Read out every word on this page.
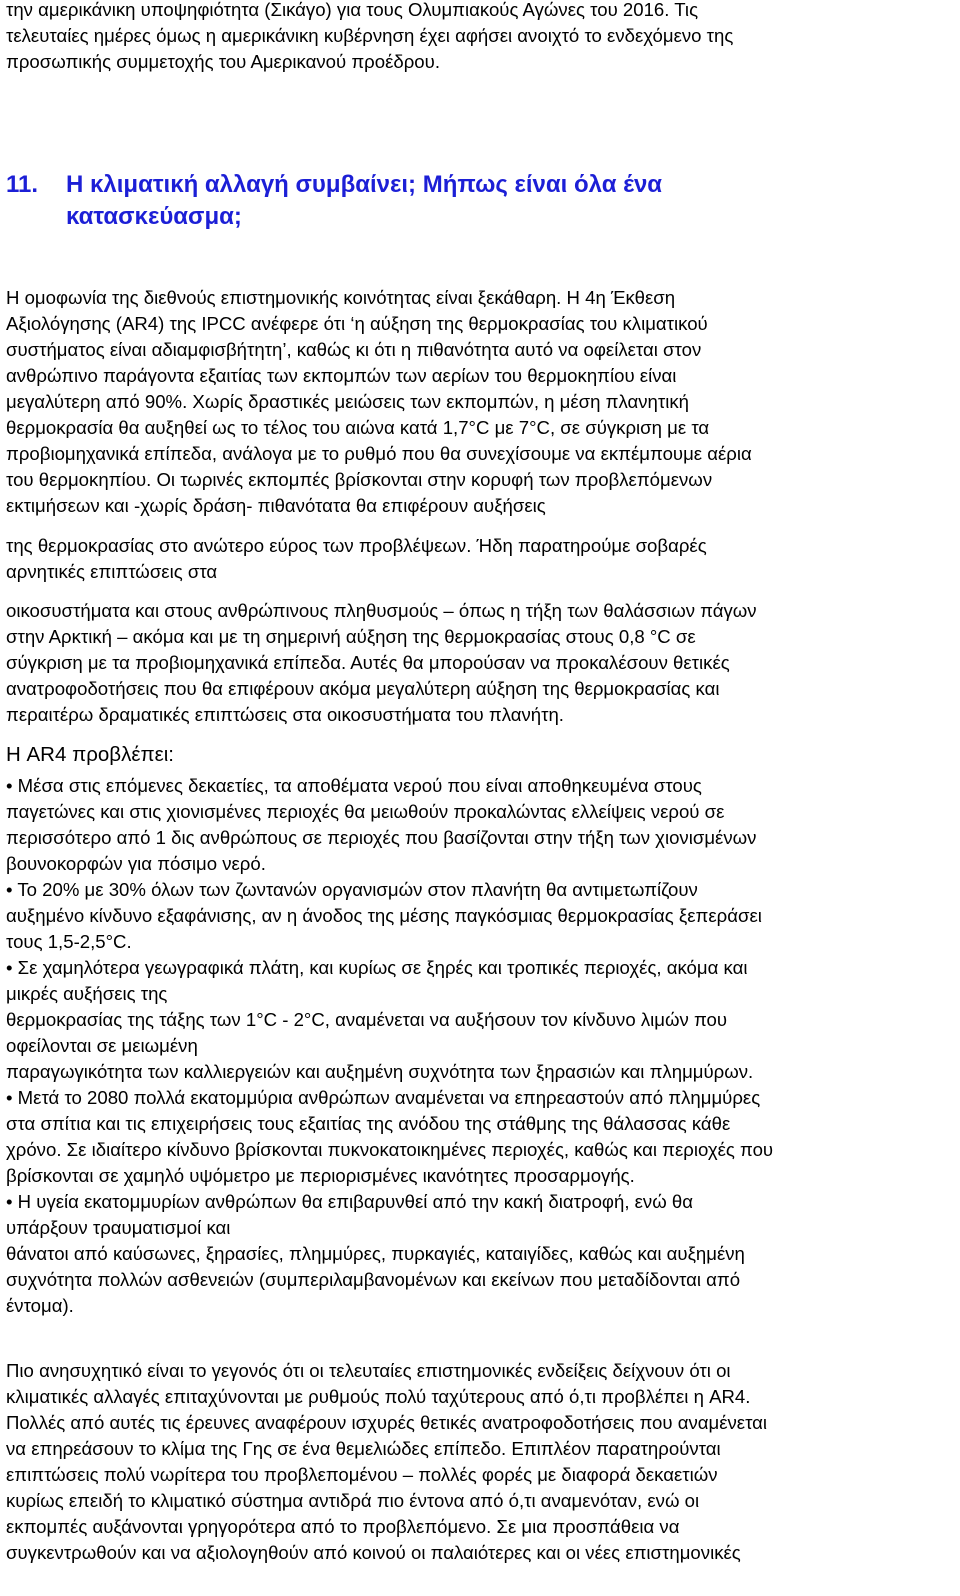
την αμερικάνικη υποψηφιότητα (Σικάγο) για τους Ολυμπιακούς Αγώνες του 2016. Τις
τελευταίες ημέρες όμως η αμερικάνικη κυβέρνηση έχει αφήσει ανοιχτό το ενδεχόμενο της
προσωπικής συμμετοχής του Αμερικανού προέδρου.
11. Η κλιματική αλλαγή συμβαίνει; Μήπως είναι όλα ένα
κατασκεύασμα;
Η ομοφωνία της διεθνούς επιστημονικής κοινότητας είναι ξεκάθαρη. Η 4η Έκθεση
Αξιολόγησης (AR4) της IPCC ανέφερε ότι ‘η αύξηση της θερμοκρασίας του κλιματικού
συστήματος είναι αδιαμφισβήτητη’, καθώς κι ότι η πιθανότητα αυτό να οφείλεται στον
ανθρώπινο παράγοντα εξαιτίας των εκπομπών των αερίων του θερμοκηπίου είναι
μεγαλύτερη από 90%. Χωρίς δραστικές μειώσεις των εκπομπών, η μέση πλανητική
θερμοκρασία θα αυξηθεί ως το τέλος του αιώνα κατά 1,7°C με 7°C, σε σύγκριση με τα
προβιομηχανικά επίπεδα, ανάλογα με το ρυθμό που θα συνεχίσουμε να εκπέμπουμε αέρια
του θερμοκηπίου. Οι τωρινές εκπομπές βρίσκονται στην κορυφή των προβλεπόμενων
εκτιμήσεων και -χωρίς δράση- πιθανότατα θα επιφέρουν αυξήσεις
της θερμοκρασίας στο ανώτερο εύρος των προβλέψεων. Ήδη παρατηρούμε σοβαρές
αρνητικές επιπτώσεις στα
οικοσυστήματα και στους ανθρώπινους πληθυσμούς – όπως η τήξη των θαλάσσιων πάγων
στην Αρκτική – ακόμα και με τη σημερινή αύξηση της θερμοκρασίας στους 0,8 °C σε
σύγκριση με τα προβιομηχανικά επίπεδα. Αυτές θα μπορούσαν να προκαλέσουν θετικές
ανατροφοδοτήσεις που θα επιφέρουν ακόμα μεγαλύτερη αύξηση της θερμοκρασίας και
περαιτέρω δραματικές επιπτώσεις στα οικοσυστήματα του πλανήτη.
Η AR4 προβλέπει:
• Μέσα στις επόμενες δεκαετίες, τα αποθέματα νερού που είναι αποθηκευμένα στους
παγετώνες και στις χιονισμένες περιοχές θα μειωθούν προκαλώντας ελλείψεις νερού σε
περισσότερο από 1 δις ανθρώπους σε περιοχές που βασίζονται στην τήξη των χιονισμένων
βουνοκορφών για πόσιμο νερό.
• Το 20% με 30% όλων των ζωντανών οργανισμών στον πλανήτη θα αντιμετωπίζουν
αυξημένο κίνδυνο εξαφάνισης, αν η άνοδος της μέσης παγκόσμιας θερμοκρασίας ξεπεράσει
τους 1,5-2,5°C.
• Σε χαμηλότερα γεωγραφικά πλάτη, και κυρίως σε ξηρές και τροπικές περιοχές, ακόμα και
μικρές αυξήσεις της
θερμοκρασίας της τάξης των 1°C - 2°C, αναμένεται να αυξήσουν τον κίνδυνο λιμών που
οφείλονται σε μειωμένη
παραγωγικότητα των καλλιεργειών και αυξημένη συχνότητα των ξηρασιών και πλημμύρων.
• Μετά το 2080 πολλά εκατομμύρια ανθρώπων αναμένεται να επηρεαστούν από πλημμύρες
στα σπίτια και τις επιχειρήσεις τους εξαιτίας της ανόδου της στάθμης της θάλασσας κάθε
χρόνο. Σε ιδιαίτερο κίνδυνο βρίσκονται πυκνοκατοικημένες περιοχές, καθώς και περιοχές που
βρίσκονται σε χαμηλό υψόμετρο με περιορισμένες ικανότητες προσαρμογής.
• Η υγεία εκατομμυρίων ανθρώπων θα επιβαρυνθεί από την κακή διατροφή, ενώ θα
υπάρξουν τραυματισμοί και
θάνατοι από καύσωνες, ξηρασίες, πλημμύρες, πυρκαγιές, καταιγίδες, καθώς και αυξημένη
συχνότητα πολλών ασθενειών (συμπεριλαμβανομένων και εκείνων που μεταδίδονται από
έντομα).
Πιο ανησυχητικό είναι το γεγονός ότι οι τελευταίες επιστημονικές ενδείξεις δείχνουν ότι οι
κλιματικές αλλαγές επιταχύνονται με ρυθμούς πολύ ταχύτερους από ό,τι προβλέπει η AR4.
Πολλές από αυτές τις έρευνες αναφέρουν ισχυρές θετικές ανατροφοδοτήσεις που αναμένεται
να επηρεάσουν το κλίμα της Γης σε ένα θεμελιώδες επίπεδο. Επιπλέον παρατηρούνται
επιπτώσεις πολύ νωρίτερα του προβλεπομένου – πολλές φορές με διαφορά δεκαετιών
κυρίως επειδή το κλιματικό σύστημα αντιδρά πιο έντονα από ό,τι αναμενόταν, ενώ οι
εκπομπές αυξάνονται γρηγορότερα από το προβλεπόμενο. Σε μια προσπάθεια να
συγκεντρωθούν και να αξιολογηθούν από κοινού οι παλαιότερες και οι νέες επιστημονικές
